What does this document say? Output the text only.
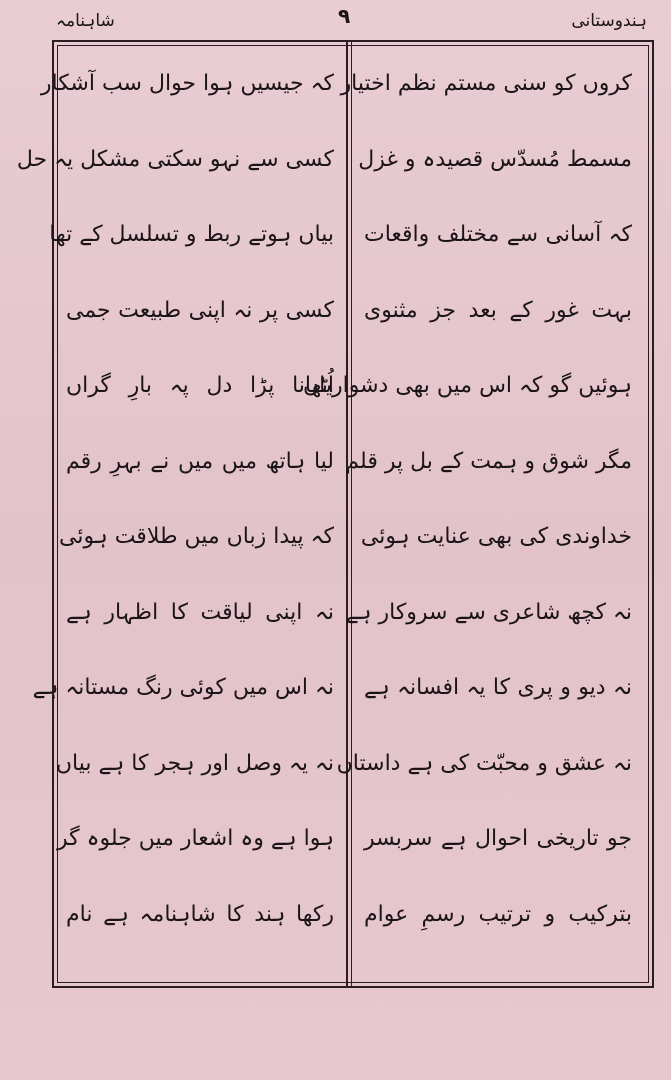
شاہنامہ	۹	ہندوستانی
کروں کو سنی مستم نظم اختیار
مسمط مُسدّس قصیدہ و غزل
کہ آسانی سے مختلف واقعات
بہت غور کے بعد جز مثنوی
ہوئیں گو کہ اس میں بھی دشواریاں
مگر شوق و ہمت کے بل پر قلم
خداوندی کی بھی عنایت ہوئی
نہ کچھ شاعری سے سروکار ہے
نہ دیو و پری کا یہ افسانہ ہے
نہ عشق و محبّت کی ہے داستاں
جو تاریخی احوال ہے سربسر
بترکیب و ترتیب رسمِ عوام
کہ جیسیں ہوا حوال سب آشکار
کسی سے نہو سکتی مشکل یہ حل
بیاں ہوتے ربط و تسلسل کے تھا
کسی پر نہ اپنی طبیعت جمی
اُٹھانا پڑا دل پہ بارِ گراں
لیا ہاتھ میں میں نے بہرِ رقم
کہ پیدا زباں میں طلاقت ہوئی
نہ اپنی لیاقت کا اظہار ہے
نہ اس میں کوئی رنگ مستانہ ہے
نہ یہ وصل اور ہجر کا ہے بیاں
ہوا ہے وہ اشعار میں جلوہ گر
رکھا ہند کا شاہنامہ ہے نام
